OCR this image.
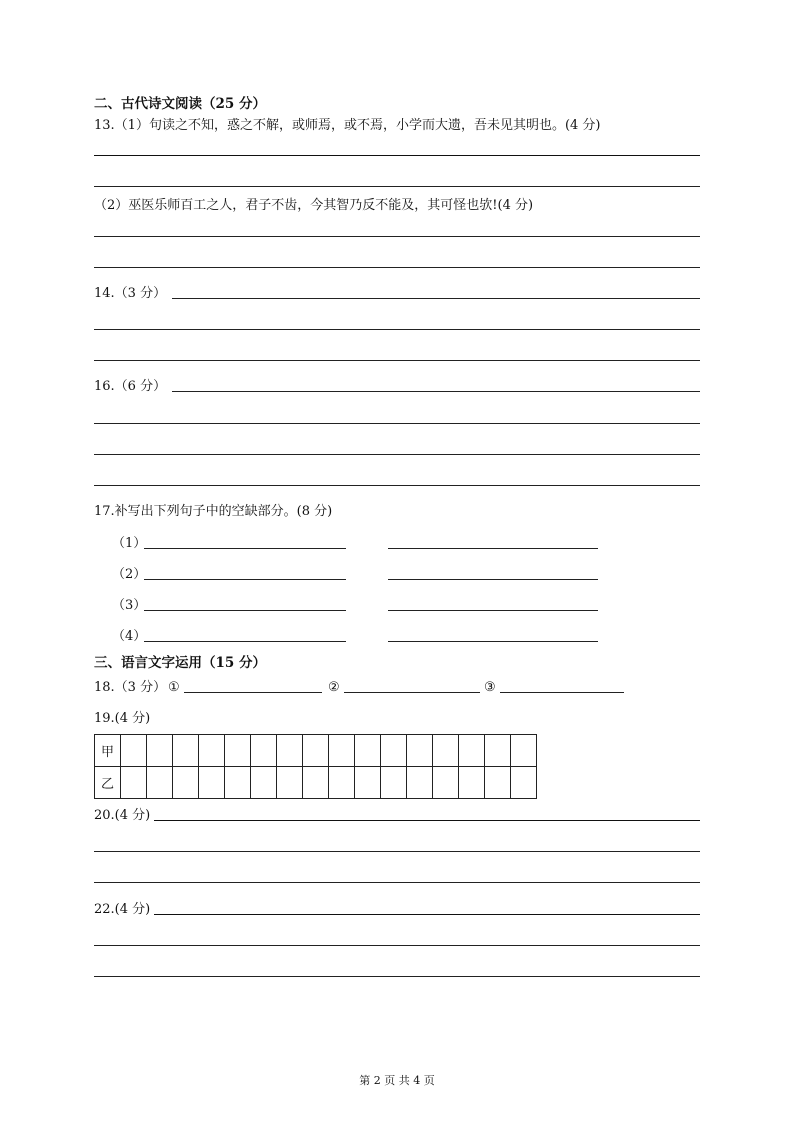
二、古代诗文阅读（25 分）
13.（1）句读之不知，惑之不解，或师焉，或不焉，小学而大遗，吾未见其明也。(4 分)
（2）巫医乐师百工之人，君子不齿，今其智乃反不能及，其可怪也欤!(4 分)
14.（3 分）
16.（6 分）
17.补写出下列句子中的空缺部分。(8 分)
（1）
（2）
（3）
（4）
三、语言文字运用（15 分）
18.（3 分） ①	②	③
19.(4 分)
甲																
乙																
20.(4 分)
22.(4 分)
第 2 页 共 4 页
